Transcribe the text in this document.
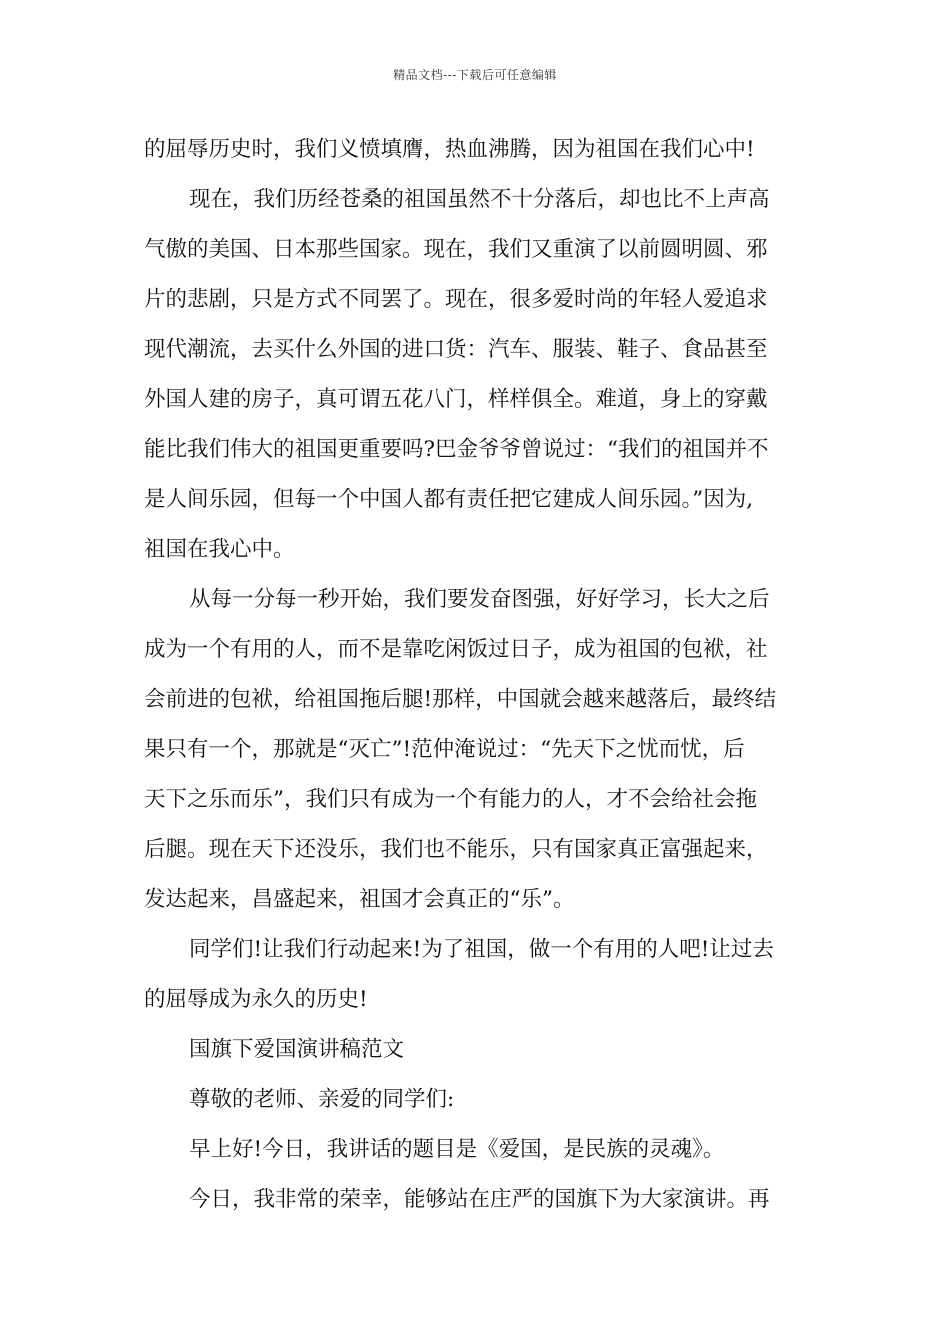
精品文档---下载后可任意编辑
的屈辱历史时，我们义愤填膺，热血沸腾，因为祖国在我们心中!
现在，我们历经苍桑的祖国虽然不十分落后，却也比不上声高
气傲的美国、日本那些国家。现在，我们又重演了以前圆明圆、邪
片的悲剧，只是方式不同罢了。现在，很多爱时尚的年轻人爱追求
现代潮流，去买什么外国的进口货：汽车、服装、鞋子、食品甚至
外国人建的房子，真可谓五花八门，样样俱全。难道，身上的穿戴
能比我们伟大的祖国更重要吗?巴金爷爷曾说过：“我们的祖国并不
是人间乐园，但每一个中国人都有责任把它建成人间乐园。”因为,
祖国在我心中。
从每一分每一秒开始，我们要发奋图强，好好学习，长大之后
成为一个有用的人，而不是靠吃闲饭过日子，成为祖国的包袱，社
会前进的包袱，给祖国拖后腿!那样，中国就会越来越落后，最终结
果只有一个，那就是“灭亡”!范仲淹说过：“先天下之忧而忧，后
天下之乐而乐”，我们只有成为一个有能力的人，才不会给社会拖
后腿。现在天下还没乐，我们也不能乐，只有国家真正富强起来，
发达起来，昌盛起来，祖国才会真正的“乐”。
同学们!让我们行动起来!为了祖国，做一个有用的人吧!让过去
的屈辱成为永久的历史!
国旗下爱国演讲稿范文
尊敬的老师、亲爱的同学们:
早上好!今日，我讲话的题目是《爱国，是民族的灵魂》。
今日，我非常的荣幸，能够站在庄严的国旗下为大家演讲。再
